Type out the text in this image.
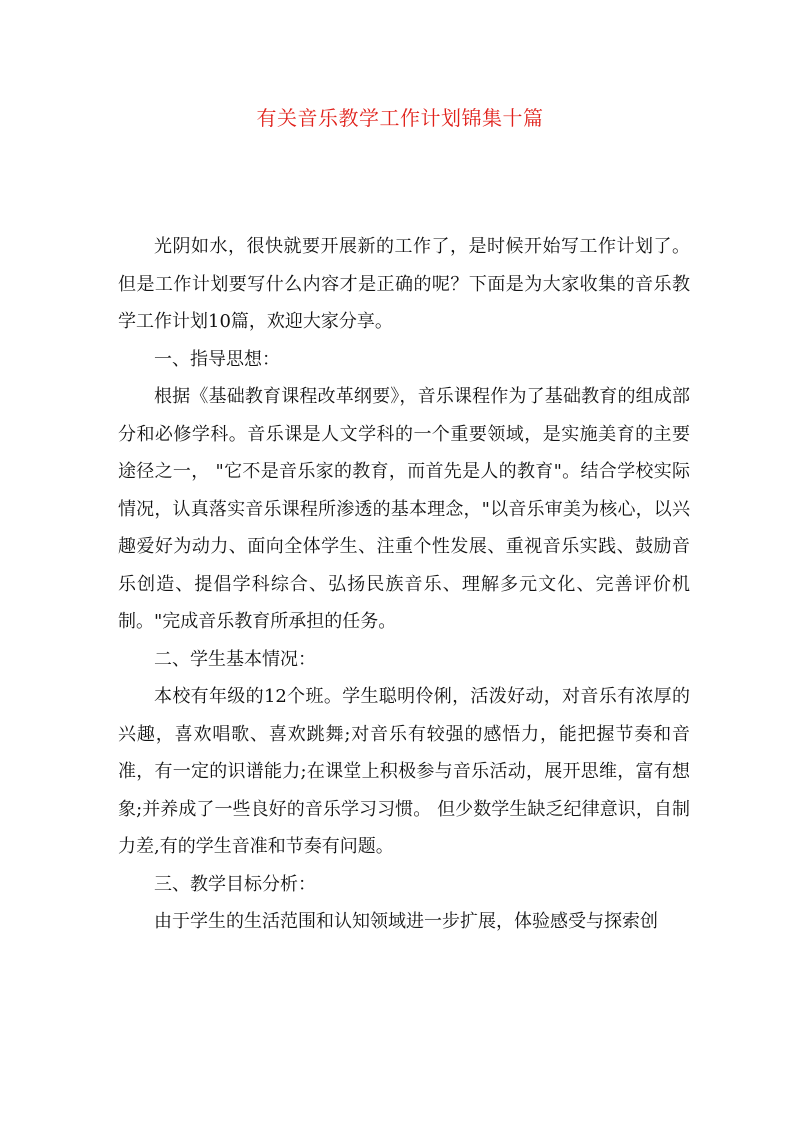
有关音乐教学工作计划锦集十篇

光阴如水，很快就要开展新的工作了，是时候开始写工作计划了。但是工作计划要写什么内容才是正确的呢？下面是为大家收集的音乐教学工作计划10篇，欢迎大家分享。

一、指导思想：

根据《基础教育课程改革纲要》，音乐课程作为了基础教育的组成部分和必修学科。音乐课是人文学科的一个重要领域，是实施美育的主要途径之一， "它不是音乐家的教育，而首先是人的教育"。结合学校实际情况，认真落实音乐课程所渗透的基本理念，"以音乐审美为核心，以兴趣爱好为动力、面向全体学生、注重个性发展、重视音乐实践、鼓励音乐创造、提倡学科综合、弘扬民族音乐、理解多元文化、完善评价机制。"完成音乐教育所承担的任务。

二、学生基本情况：

本校有年级的12个班。学生聪明伶俐，活泼好动，对音乐有浓厚的兴趣，喜欢唱歌、喜欢跳舞;对音乐有较强的感悟力，能把握节奏和音准，有一定的识谱能力;在课堂上积极参与音乐活动，展开思维，富有想象;并养成了一些良好的音乐学习习惯。 但少数学生缺乏纪律意识，自制力差,有的学生音准和节奏有问题。

三、教学目标分析：

由于学生的生活范围和认知领域进一步扩展，体验感受与探索创
